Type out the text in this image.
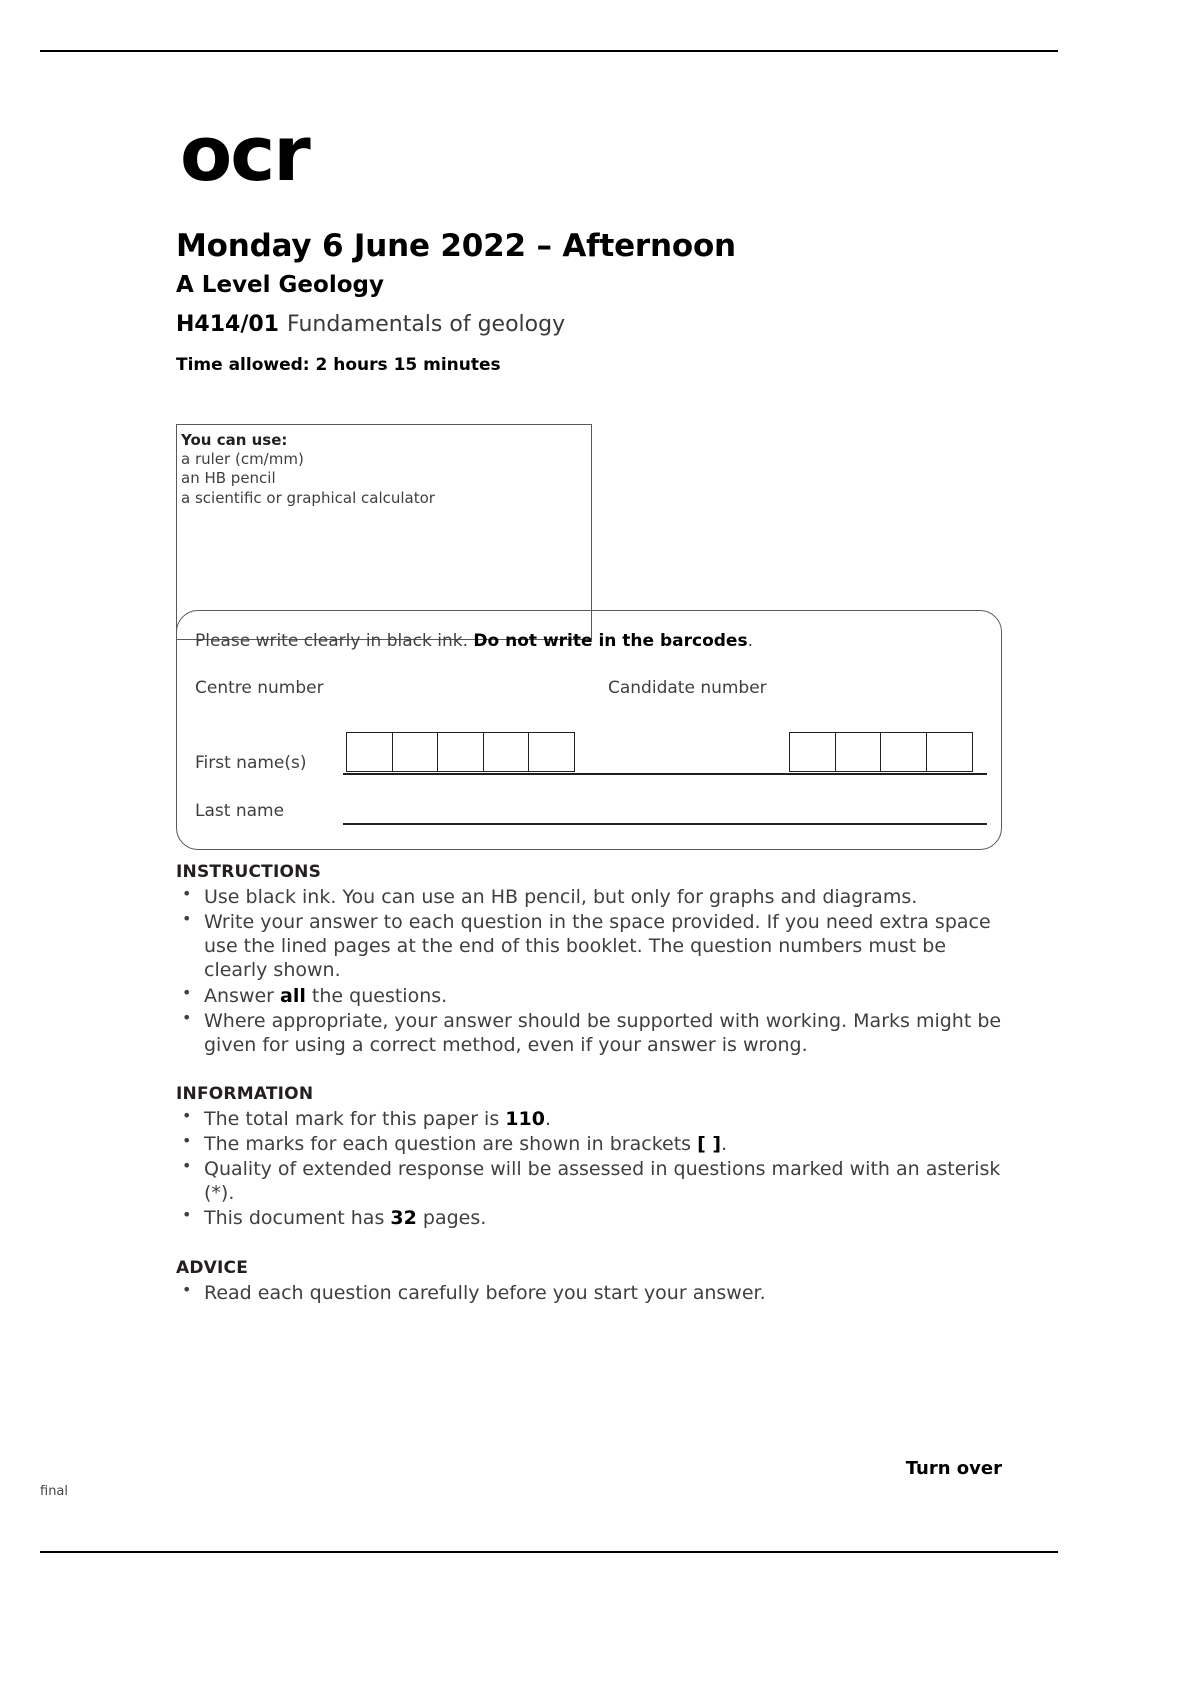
ocr
Monday 6 June 2022 – Afternoon
A Level Geology
H414/01 Fundamentals of geology
Time allowed: 2 hours 15 minutes
You can use:
a ruler (cm/mm)
an HB pencil
a scientific or graphical calculator
Please write clearly in black ink. Do not write in the barcodes.
Centre number	Candidate number
First name(s)
Last name
INSTRUCTIONS
• Use black ink. You can use an HB pencil, but only for graphs and diagrams.
• Write your answer to each question in the space provided. If you need extra space use the lined pages at the end of this booklet. The question numbers must be clearly shown.
• Answer all the questions.
• Where appropriate, your answer should be supported with working. Marks might be given for using a correct method, even if your answer is wrong.
INFORMATION
• The total mark for this paper is 110.
• The marks for each question are shown in brackets [ ].
• Quality of extended response will be assessed in questions marked with an asterisk (*).
• This document has 32 pages.
ADVICE
• Read each question carefully before you start your answer.
Turn over
final
